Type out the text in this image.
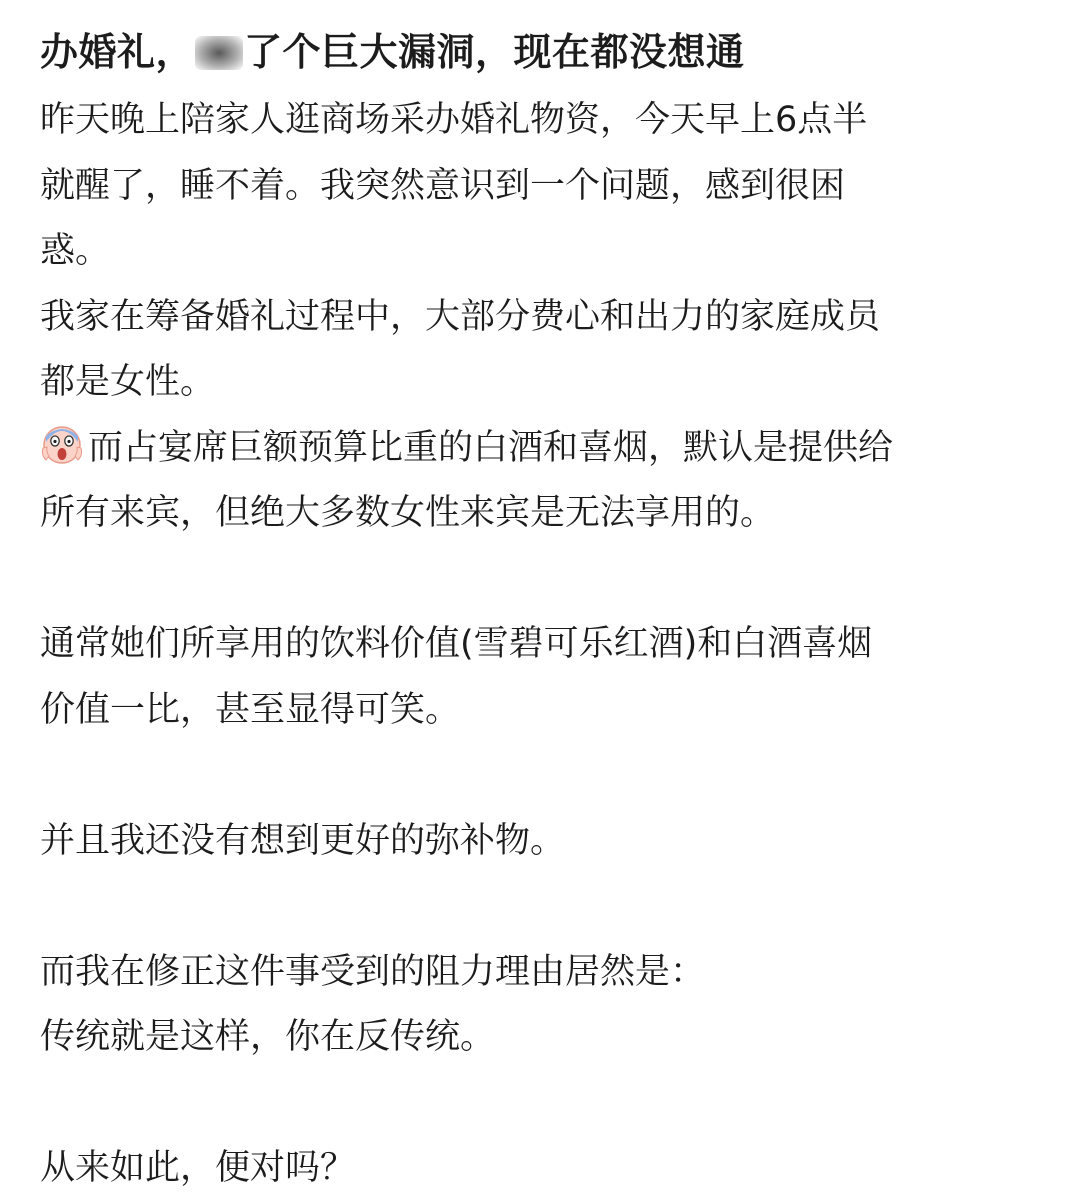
办婚礼， 了个巨大漏洞，现在都没想通
昨天晚上陪家人逛商场采办婚礼物资，今天早上6点半
就醒了，睡不着。我突然意识到一个问题，感到很困
惑。
我家在筹备婚礼过程中，大部分费心和出力的家庭成员
都是女性。
而占宴席巨额预算比重的白酒和喜烟，默认是提供给
所有来宾，但绝大多数女性来宾是无法享用的。
通常她们所享用的饮料价值(雪碧可乐红酒)和白酒喜烟
价值一比，甚至显得可笑。
并且我还没有想到更好的弥补物。
而我在修正这件事受到的阻力理由居然是：
传统就是这样，你在反传统。
从来如此，便对吗？
